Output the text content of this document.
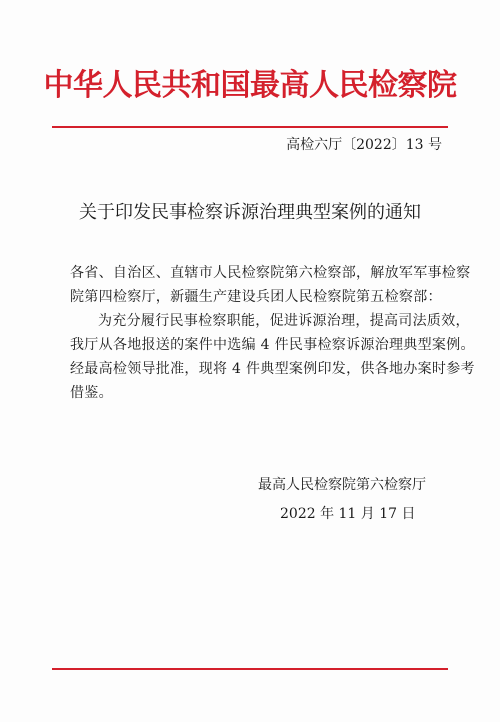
中华人民共和国最高人民检察院
高检六厅〔2022〕13 号
关于印发民事检察诉源治理典型案例的通知
各省、自治区、直辖市人民检察院第六检察部，解放军军事检察
院第四检察厅，新疆生产建设兵团人民检察院第五检察部：
为充分履行民事检察职能，促进诉源治理，提高司法质效，
我厅从各地报送的案件中选编 4 件民事检察诉源治理典型案例。
经最高检领导批准，现将 4 件典型案例印发，供各地办案时参考
借鉴。
最高人民检察院第六检察厅
2022 年 11 月 17 日
